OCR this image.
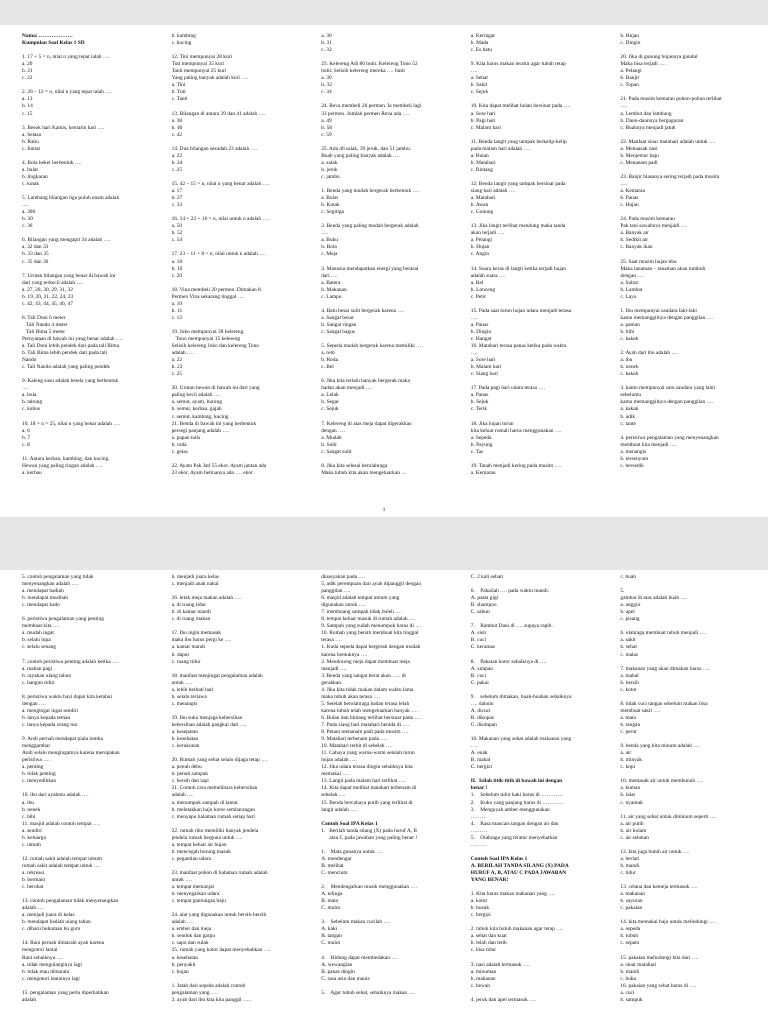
Nama: ……………….
Kumpulan Soal Kelas 1 SD

1. 17 + 5 = n, nilai n yang tepat ialah ….
a. 20
b. 21
c. 22

2. 26 – 12 = n, nilai n yang tepat ialah ….
a. 13
b. 14
c. 15

3. Besok hari Kamis, kemarin hari ….
a. Selasa
b. Rabu
c. Jumat

4. Bola bekel berbentuk ….
a. bulat
b. lingkaran
c. kotak

5. Lambang bilangan tiga puluh enam adalah
….
a. 306
b. 30
c. 36

6. Bilangan yang mengapit 34 adalah ….
a. 32 dan 33
b. 33 dan 35
c. 35 dan 36

7. Urutan bilangan yang benar di bawah ini
dari yang terkecil adalah ….
a. 27, 28, 30, 29, 31, 32
b. 19, 20, 21, 22, 24, 23
c. 42, 43, 44, 45, 46, 47

8. Tali Doni 6 meter
Tali Nando 4 meter
Tali Bima 5 meter
Pernyataan di bawah ini yang benar adalah ….
a. Tali Doni lebih pendek dari pada tali Bima
b. Tali Bima lebih pendek dari pada tali
Nando
c. Tali Nando adalah yang paling pendek

9. Kaleng susu adalah benda yang berbentuk
….
a. bola
b. tabung
c. kubus

10. 18 + n = 25, nilai n yang benar adalah ….
a. 6
b. 7
c. 8

11. Antara kerbau, kambing, dan kucing.
Hewan yang paling ringan adalah ….
a. kerbau
b. kambing
c. kucing

12. Tini mempunyai 28 kuri
Tuti mempunyai 35 kuri
Tanti mempunyai 25 kuri
Yang paling banyak adalah kuri ….
a. Tini
b. Tuti
c. Tanti

13. Bilangan di antara 39 dan 41 adalah ….
a. 38
b. 40
c. 42

14. Dua bilangan sesudah 23 adalah ….
a. 22
b. 24
c. 25

15. 42 – 15 = n, nilai n yang benar adalah ….
a. 17
b. 27
c. 33

16. 14 + 22 + 16 = n, nilai untuk n adalah ….
a. 50
b. 52
c. 54

17. 23 – 11 + 8 = n, nilai untuk n adalah ….
a. 18
b. 19
c. 20

18. Vina membeli 20 permen. Dimakan 8.
Permen Vina sekarang tinggal ….
a. 10
b. 11
c. 12

19. Joko mempunyai 38 kelereng.
Tono mempunyai 15 kelereng
Selisih kelereng Joko dan kelereng Tono
adalah ….
a. 22
b. 23
c. 25

20. Urutan hewan di bawah ini dari yang
paling kecil adalah ….
a. semut, ayam, burung
b. semut, kerbau, gajah
c. semut, kambing, kucing
21. Benda di bawah ini yang berbentuk
persegi panjang adalah ….
a. papan tulis
b. roda
c. gelas

22. Ayam Pak Jati 55 ekor. Ayam jantan ada
23 ekor. Ayam betinanya ada …. ekor
a. 30
b. 31
c. 32

23. Kelereng Adi 86 butir. Kelereng Tono 52
butir. Selisih kelereng mereka …. butir
a. 30
b. 32
c. 34

24. Reva membeli 26 permen. Ia membeli lagi
33 permen. Jumlah permen Reva ada ….
a. 49
b. 58
c. 59

25. Ada 46 salak, 39 jeruk, dan 51 jambu.
Buah yang paling banyak adalah ….
a. salak
b. jeruk
c. jambu

1. Benda yang mudah bergerak berbentuk ….
a. Bulat
b. Kotak
c. Segitiga

2. Benda yang paling mudah bergerak adalah
….
a. Buku
b. Bola
c. Meja

3. Manusia mendapatkan energi yang berasal
dari ….
a. Batera
b. Makanan
c. Lampu

4. Batu besar sulit bergerak karena ….
a. Sangat besar
b. Sangat ringan
c. Sangat bagus

5. Sepeda mudah bergerak karena memiliki ….
a. rem
b. Roda
c. Bel

6. Jika kita terlalu banyak bergerak maka
badan akan menjadi ….
a. Lelah
b. Segar
c. Sejuk

7. Kelereng di atas meja dapat digerakkan
dengan ….
a. Mudah
b. Sulit
c. Sangat sulit

8. Jika kita selesai berolahraga
Maka tubuh kita akan mengeluarkan …
a. Keringat
b. Mada
c. Es batu

9. Kita harus makan teratur agar tubuh tetap
….
a. Sehat
b. Sakit
c. Sejuk

10. Kita dapat melihat bulan bersinar pada ….
a. Sore hari
b. Pagi hari
c. Malam hari

11. Benda langit yang tampak berkelip-kelip
pada malam hari adalah ….
a. Bulan
b. Matahari
c. Bintang

12. Benda langit yang tampak bersinar pada
siang hari adalah ….
a. Matahari
b. Awan
c. Gunung

13. Jika langit terlihat mendung maka tanda
akan terjadi ….
a. Pelangi
b. Hujan
c. Angin

14. Suara keras di langit ketika terjadi hujan
adalah suara ….
a. Bel
b. Lonceng
c. Petir

15. Pada saat turun hujan udara menjadi terasa
….
a. Panas
b. Dingin
c. Hangat
16. Matahari terasa panas ketika pada waktu
….
a. Sore hari
b. Malam hari
c. Siang hari

17. Pada pagi hari udara terasa ….
a. Panas
b. Sejuk
c. Terik

18. Jika hujan turun
kita keluar rumah harus menggunakan ….
a. Sepeda
b. Payung
c. Tas

19. Tanah menjadi kering pada musim ….
a. Kemarau
b. Hujan
c. Dingin

20. Jika di gunung hujannya gundul
Maka bisa terjadi ….
a. Pelangi
b. Banjir
c. Topan

21. Pada musim kemarau pohon-pohon terlihat
….
a. Lembut dan lambung
b. Daun-daunnya berguguran
c. Buahnya menjadi jatuh

22. Manfaat sinar matahari adalah untuk ….
a. Menuasak nasi
b. Menjemur baju
c. Menanam padi

23. Banjir biasanya sering terjadi pada musim
….
a. Kemarau
b. Panas
c. Hujan

24. Pada musim kemarau
Pak tani sawahnya menjadi ….
a. Banyak air
b. Sedikit air
c. Banyak ikan

25. Saat musim hujan tiba
Maka tanaman – tanaman akan tumbuh
dengan ….
a. Subur
b. Lambat
c. Layu

1. Ibu mempunyai saudara laki-laki
kamu memanggilnya dengan panggilan ….
a. paman
b. bibi
c. kakek

2. Ayah dari ibu adalah ….
a. ibu
b. nenek
c. kakek

3. kamu mempunyai satu saudara yang lahir
sebelumu
kamu memanggilnya dengan panggilan ….
a. kakak
b. adik
c. tante

4. peristiwa pengalaman yang menyenangkan
membuat kita menjadi ….
a. menangis
b. tersenyum
c. bersedih
1
5. contoh pengalaman yang tidak
menyenangkan adalah ….
a. mendapat hadiah
b. mendapat musibah
c. mendapat kado

6. peristiwa pengalaman yang penting
membuat kita ….
a. mudah ingat
b. selalu lupa
c. selalu senang

7. contoh peristiwa penting adalah ketika ….
a. makan pagi
b. rayakan ulang tahun
c. bangun tidur

8. peristiwa waktu bayi dapat kita ketahui
dengan ….
a. mengingat ingat sendiri
b. tanya kepada teman
c. tanya kepada orang tua

9. Andi pernah mendapat piala lomba
menggambar
Andi selalu mengingatnya karena merupakan
peristiwa ….
a. penting
b. tidak penting
c. menyedihkan

10. ibu dari ayahmu adalah ….
a. ibu
b. nenek
c. bibi
11. masjid adalah contoh tempat ….
a. sendiri
b. keluarga
c. umum

12. rumah sakit adalah tempat umum
rumah sakit adalah tempat untuk ….
a. rekreasi
b. bermain
c. berobat

13. contoh pengalaman tidak menyenangkan
adalah ….
a. menjadi juara di kelas
b. mendapat hadiah ulang tahun
c. dibaru hukuman bu guru

14. Rani pernah dimarahi ayah karena
mengotori lantai
Rani sebaiknya ….
a. tidak mengulanginya lagi
b. tidak mau dimarahi
c. mengotori lantainya lagi

15. pengalaman yang perlu diperhatikan
adalah
b. menjadi juara kelas
c. menjadi anak nakal

16. letak meja makan adalah ….
a. di ruang tidur
b. di kamar mandi
c. di ruang makan

17. Ibu ingin memasak
maka ibu harus pergi ke ….
a. kamar mandi
b. dapur
c. ruang tidur

18. manfaat menjingat pengalaman adalah
untuk ….
a. lebih berhati hati
b. selalu teriawa
c. menangis

19. Ibu suka menjaga kebersihan
kebersihan adalah pangkal dari ….
a. kesepatan
b. kesehatan
c. kerukunan

20. Rumah yang sehat selalu dijaga tetap ….
a. penuh debu
b. penuh sampah
c. bersih dan rapi
21. Contoh cara memelihara kebersihan
adalah ….
a. menumpuk sampah di lantai
b. meletakkan baju kotor sembarangan
c. menyapu halaman rumah setiap hari

22. rumah riko memiliki banyak jendela
jendela rumah berguna untuk ….
a. tempat keluar air hujan
b. mencegah burung masuk
c. pegantian udara

23. manfaat pohon di halaman rumah adalah
untuk ….
a. tempat memanjat
b. menyegarkan udara
c. tempat gantungan baju

24. alat yang digunakan untuk bersih-bersih
adalah ….
a. ember dan meja
b. sendok dan garpu
c. sapu dan sulak
25. rumah yang kotor dapat menyebabkan ….
a. kesehatan
b. penyakit
c. hujan

1. Jatah dari sepeda adalah contoh
pengalaman yang ….
2. ayah dari ibu kita kita panggil …..
dinasyakan pada ….
5. adik perempuan dari ayah dipanggil dengan
panggilan ….
6. masjid adalah tempat umum yang
digunakan untuk ….
7. membuang sampah tidak boleh ….
8. tempat keluar masuk di rumah adalah ….
9. Sampah yang sudah menumpuk harus di ….
10. Rumah yang bersih membuat kita tinggal
terasa ….
1. Kuda sepeda dapat bergerak dengan mudah
karena bentuknya ….
2. Mendorong meja dapat membuat meja
menjadi ….
3. Benda yang sangat berat akan ….. di
gerakkan.
4. Jika kita tidak makan dalam waktu lama
maka tubuh akan terasa ….
5. Setelah berolahraga badan terasa lelah
karena tubuh telah mengeluarkan banyak ….
6. Bulan dan bintang terlihat bersinar pada ….
7. Pada siang hari matahari berada di ….
8. Petani menanam padi pada musim ….
9. Matahari terbenam pada ….
10. Matahari terbit di sebelah ….
11. Cahaya yang warna-warni setelah turun
hujan adalah ….
12. Jika udara terasa dingin sebaiknya kita
memakai ….
13. Langit pada malam hari terlihat ….
14. Kita dapat melihat matahari terbenam di
sebelah ….
15. Benda bercahaya putih yang terlihat di
langit adalah ….

Contoh Soal IPA Kelas 1
1.   Berilah tanda silang (X) pada huruf A, B
atau C pada jawaban yang paling benar !

1.    Mata gunanya untuk ….
A. mendengar
B. melihat
C. mencium

2.    Mendengarkan musik menggunakan ….
A. telinga
B. mata
C. mulut

3.    Sebelum makan cucilah ….
A. kaki
B. tangan
C. mulut

4.    Hidung dapat membedakan ….
A. wewangian
B. panas dingin
C. rasa asin dan manis

5.    Agar tubuh sehat, sebaiknya makan ….
C. 2 kali sehari

6.    Pakailah …. pada waktu mandi.
A. pasta gigi
B. shampoo
C. sabun

7.    Rambut Dani di …. supaya rapih.
A. sisir
B. cuci
C. keramas

8.    Pakaian kotor sebaiknya di ….
A. simpan
B. cuci
C. pakai

9.    sebelum dimakan, buah-buahan sebaiknya
…. dahulu
A. dicuci
B. dikupas
C. disimpan

10. Makanan yang sehat adalah makanan yang
….
A. enak
B. mahal
C. bergizi

II.  Isilah titik-titik di bawah ini dengan
benar !
1.    Sebelum tidur kaki harus di …………
2.    Kuku yang panjang harus di …………
3.    Menguyah amber menggunakan
………
4.    Rasa mancais tangan dengan air dan
………
5.    Olahraga yang teratur menyehatkan
………

Contoh Soal IPA Kelas 1
A. BERILAH TANDA SILANG (X) PADA
HURUF A, B, ATAU C PADA JAWABAN
YANG BENAR!

1. Kita harus makan makanan yang ….
a. kotor
b. busuk
c. bergizi

2. tubuh kita butuh makanan agar tetap ….
a. sehat dan kuat
b. lelah dan letih
c. bisa tidur

3. nasi adalah termasuk ….
a. minuman
b. makanan
c. hewan

4. jeruk dan apel termasuk ….
c. buah

5.
gambar di atas adalah buah ….
a. anggur
b. apel
c. pisang

6. olahraga membuat tubuh menjadi ….
a. sakit
b. sehat
c. malas

7. makanan yang akan dimakan harus ….
a. mahal
b. bersih
c. kotor

8. tidak cuci tangan sebelum makan bisa
membuat sakit ….
a. mata
b. tangan
c. perut

9. benda yang kita minum adalah ….
a. air
b. minyak
c. kopi

10. memasak air untuk membunuh ….
a. kuman
b. lalat
c. nyamuk

11. air yang sehat untuk diminum seperti ….
a. air putih
b. air kolam
c. air selokan

12. kita juga butuh air untuk ….
a. berlari
b. mandi
c. tidur

13. celana dan kemeja termasuk ….
a. makanan
b. sayuran
c. pakaian

14. kita memakai baju untuk melindungi ….
a. sepeda
b. tubuh
c. sepatu

15. pakaian melindungi kita dari ….
a. sinar matahari
b. mandi
c. buku
16. pakaian yang sehat harus di ….
a. cuci
b. sampuk
